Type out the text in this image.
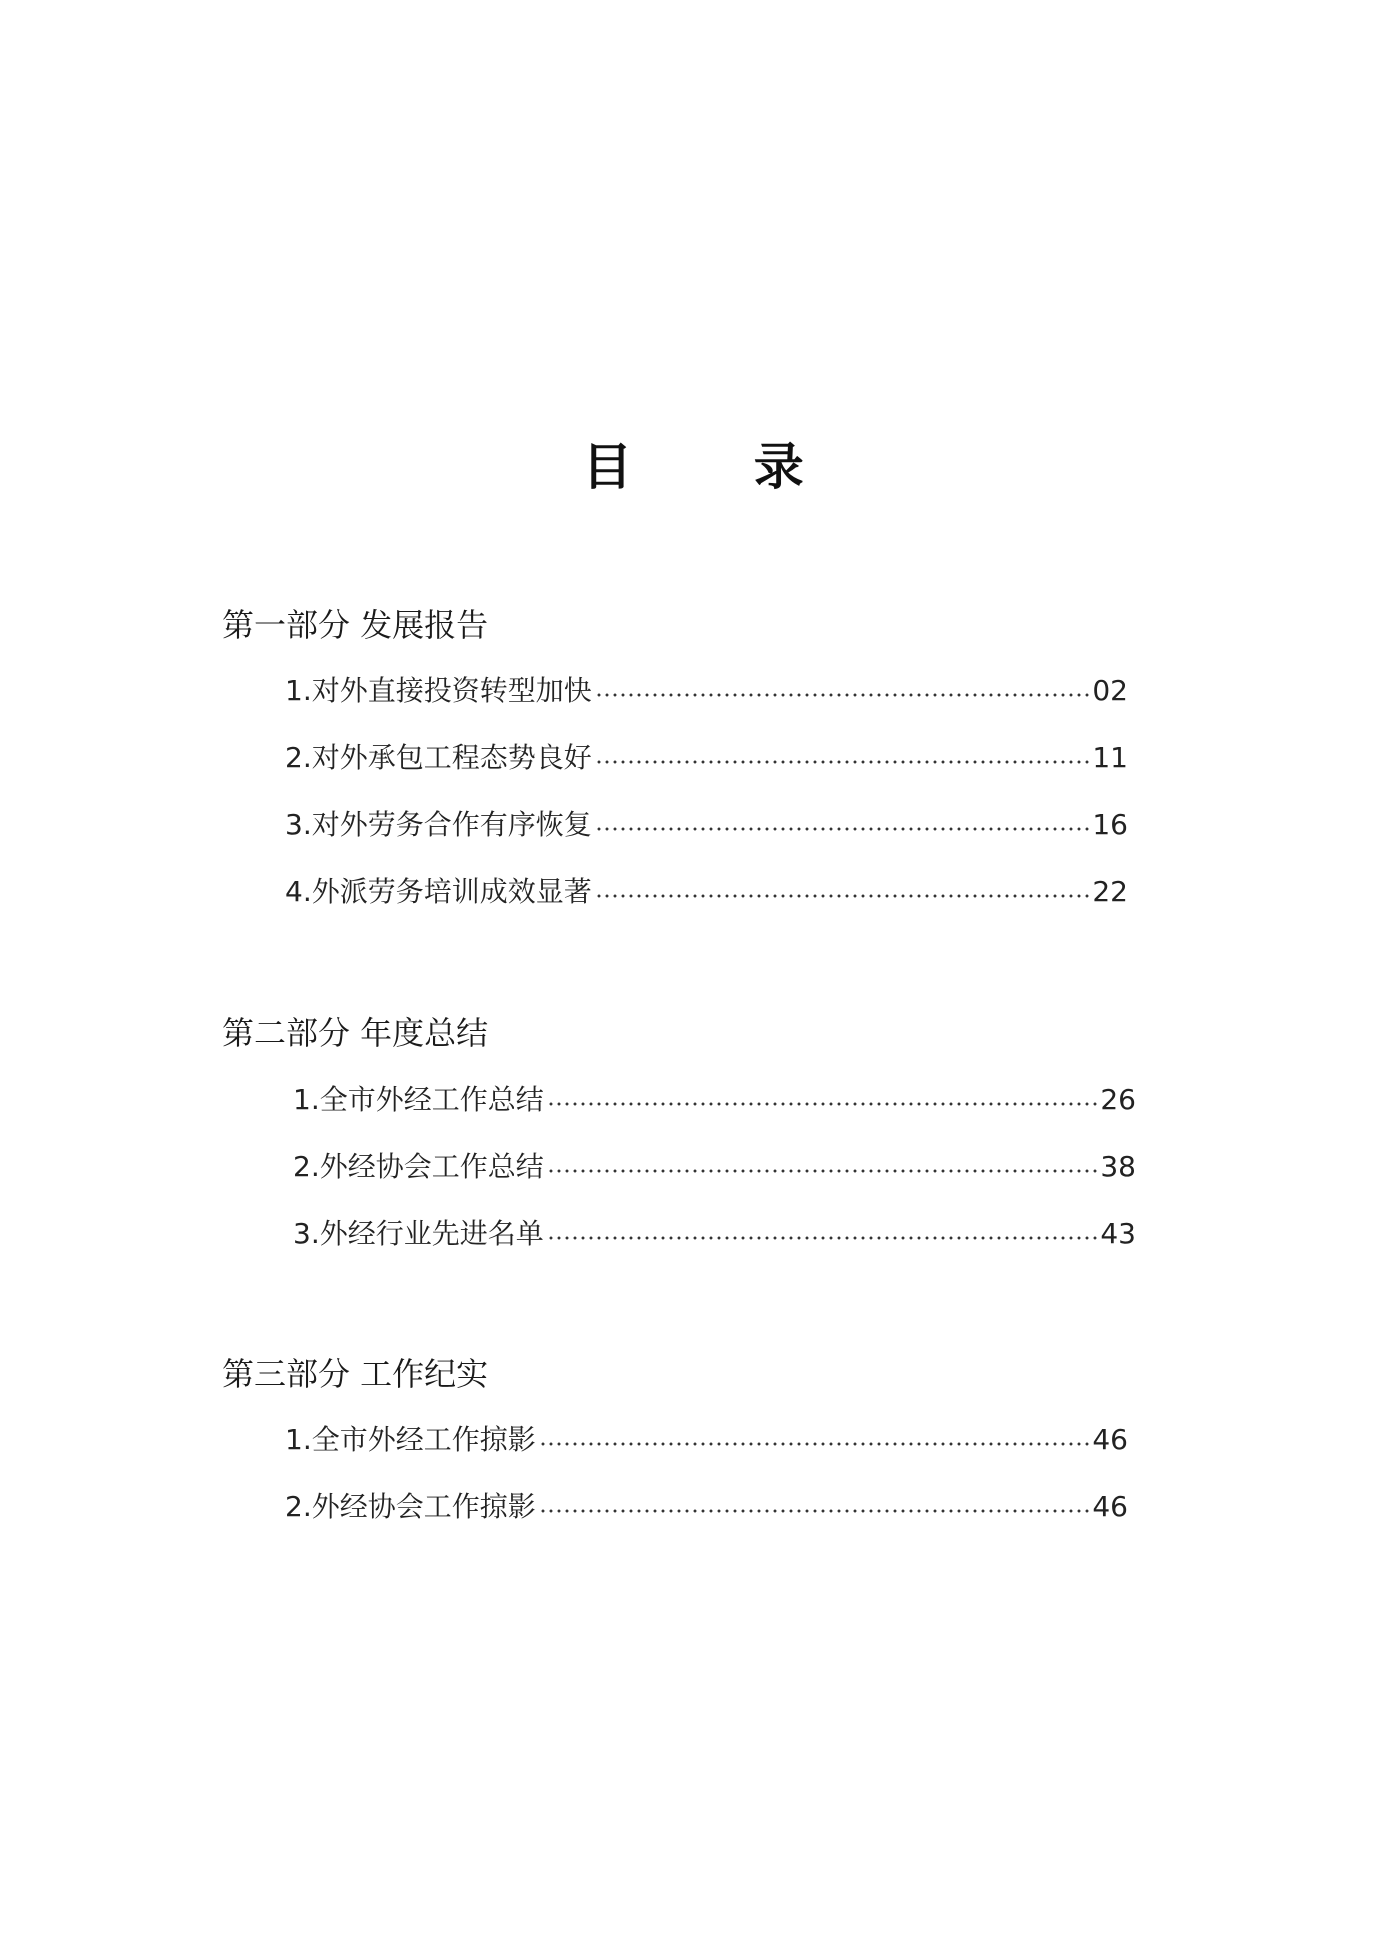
目 录
第一部分 发展报告
1.对外直接投资转型加快	02
2.对外承包工程态势良好	11
3.对外劳务合作有序恢复	16
4.外派劳务培训成效显著	22
第二部分 年度总结
1.全市外经工作总结	26
2.外经协会工作总结	38
3.外经行业先进名单	43
第三部分 工作纪实
1.全市外经工作掠影	46
2.外经协会工作掠影	46
